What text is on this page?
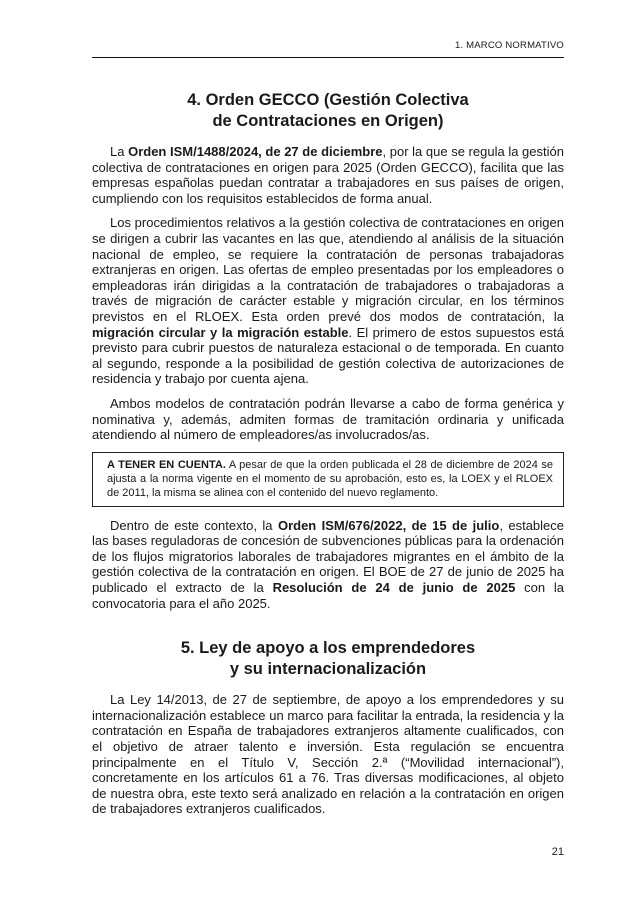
1. MARCO NORMATIVO
4. Orden GECCO (Gestión Colectiva
de Contrataciones en Origen)

La Orden ISM/1488/2024, de 27 de diciembre, por la que se regula la gestión colectiva de contrataciones en origen para 2025 (Orden GECCO), facilita que las empresas españolas puedan contratar a trabajadores en sus países de origen, cumpliendo con los requisitos establecidos de forma anual.

Los procedimientos relativos a la gestión colectiva de contrataciones en origen se dirigen a cubrir las vacantes en las que, atendiendo al análisis de la situación nacional de empleo, se requiere la contratación de personas trabajadoras extranjeras en origen. Las ofertas de empleo presentadas por los empleadores o empleadoras irán dirigidas a la contratación de trabajadores o trabajadoras a través de migración de carácter estable y migración circular, en los términos previstos en el RLOEX. Esta orden prevé dos modos de contratación, la migración circular y la migración estable. El primero de estos supuestos está previsto para cubrir puestos de naturaleza estacional o de temporada. En cuanto al segundo, responde a la posibilidad de gestión colectiva de autorizaciones de residencia y trabajo por cuenta ajena.

Ambos modelos de contratación podrán llevarse a cabo de forma genérica y nominativa y, además, admiten formas de tramitación ordinaria y unificada atendiendo al número de empleadores/as involucrados/as.

A TENER EN CUENTA. A pesar de que la orden publicada el 28 de diciembre de 2024 se ajusta a la norma vigente en el momento de su aprobación, esto es, la LOEX y el RLOEX de 2011, la misma se alinea con el contenido del nuevo reglamento.

Dentro de este contexto, la Orden ISM/676/2022, de 15 de julio, establece las bases reguladoras de concesión de subvenciones públicas para la ordenación de los flujos migratorios laborales de trabajadores migrantes en el ámbito de la gestión colectiva de la contratación en origen. El BOE de 27 de junio de 2025 ha publicado el extracto de la Resolución de 24 de junio de 2025 con la convocatoria para el año 2025.

5. Ley de apoyo a los emprendedores
y su internacionalización

La Ley 14/2013, de 27 de septiembre, de apoyo a los emprendedores y su internacionalización establece un marco para facilitar la entrada, la residencia y la contratación en España de trabajadores extranjeros altamente cualificados, con el objetivo de atraer talento e inversión. Esta regulación se encuentra principalmente en el Título V, Sección 2.ª (“Movilidad internacional”), concretamente en los artículos 61 a 76. Tras diversas modificaciones, al objeto de nuestra obra, este texto será analizado en relación a la contratación en origen de trabajadores extranjeros cualificados.

21
